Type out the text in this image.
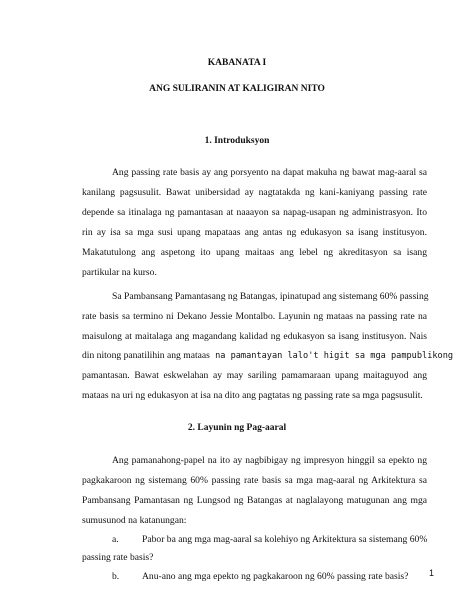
KABANATA I
ANG SULIRANIN AT KALIGIRAN NITO
1. Introduksyon
Ang passing rate basis ay ang porsyento na dapat makuha ng bawat mag-aaral sa
kanilang pagsusulit. Bawat unibersidad ay nagtatakda ng kani-kaniyang passing rate
depende sa itinalaga ng pamantasan at naaayon sa napag-usapan ng administrasyon. Ito
rin ay isa sa mga susi upang mapataas ang antas ng edukasyon sa isang institusyon.
Makatutulong ang aspetong ito upang maitaas ang lebel ng akreditasyon sa isang
partikular na kurso.
Sa Pambansang Pamantasang ng Batangas, ipinatupad ang sistemang 60% passing
rate basis sa termino ni Dekano Jessie Montalbo. Layunin ng mataas na passing rate na
maisulong at maitalaga ang magandang kalidad ng edukasyon sa isang institusyon. Nais
din nitong panatilihin ang mataas na pamantayan lalo't higit sa mga pampublikong
pamantasan. Bawat eskwelahan ay may sariling pamamaraan upang maitaguyod ang
mataas na uri ng edukasyon at isa na dito ang pagtatas ng passing rate sa mga pagsusulit.
2. Layunin ng Pag-aaral
Ang pamanahong-papel na ito ay nagbibigay ng impresyon hinggil sa epekto ng
pagkakaroon ng sistemang 60% passing rate basis sa mga mag-aaral ng Arkitektura sa
Pambansang Pamantasan ng Lungsod ng Batangas at naglalayong matugunan ang mga
sumusunod na katanungan:
a. Pabor ba ang mga mag-aaral sa kolehiyo ng Arkitektura sa sistemang 60%
passing rate basis?
b. Anu-ano ang mga epekto ng pagkakaroon ng 60% passing rate basis? 1
